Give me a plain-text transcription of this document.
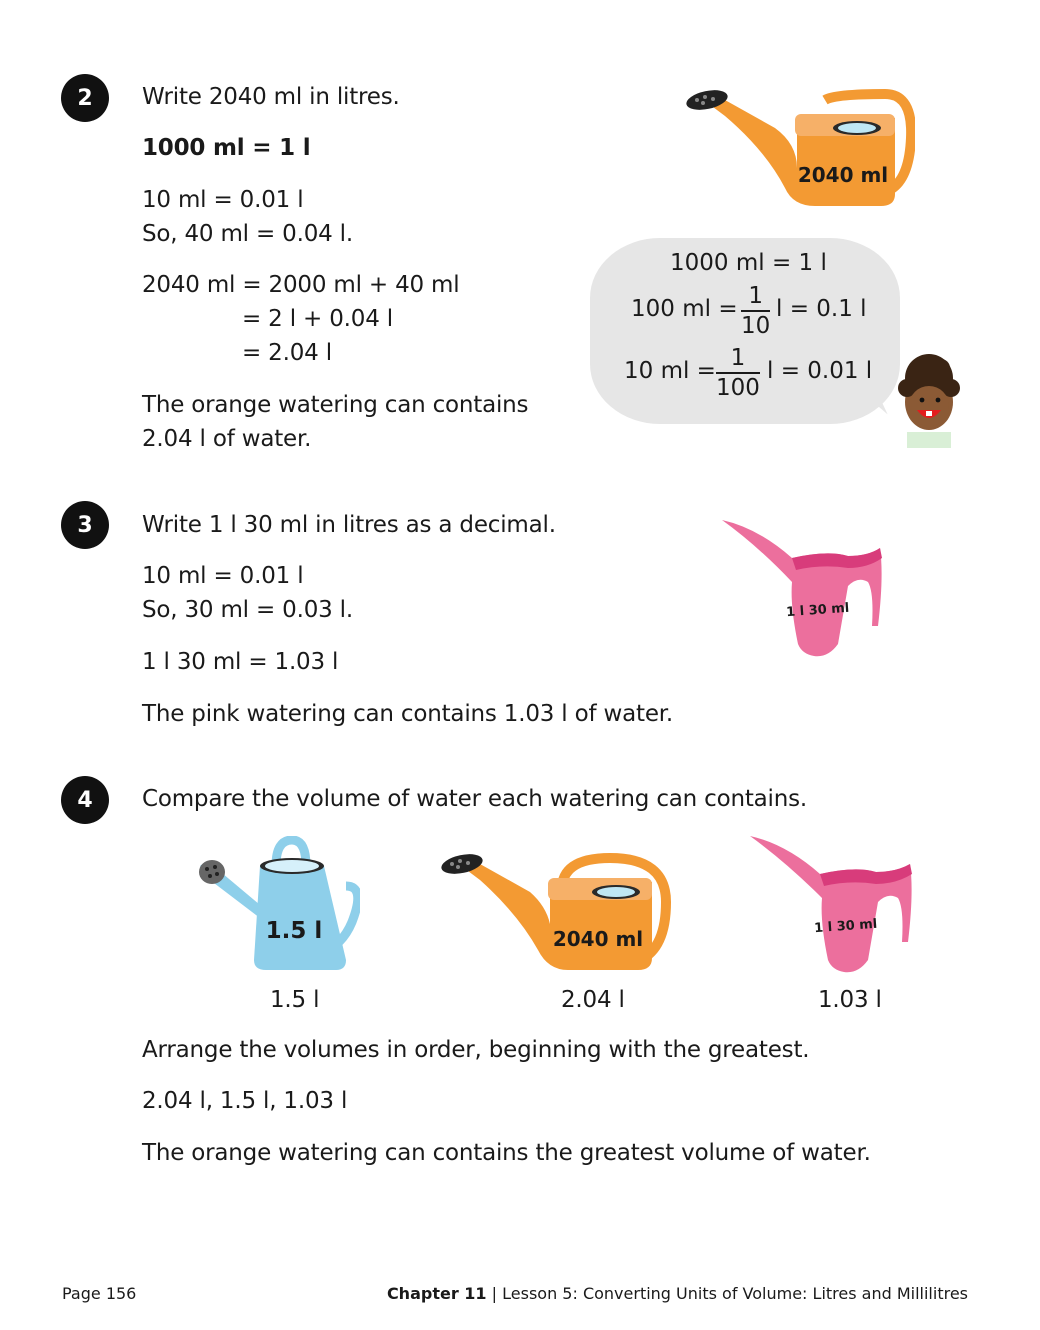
2 Write 2040 ml in litres.
1000 ml = 1 l
10 ml = 0.01 l
So, 40 ml = 0.04 l.
2040 ml = 2000 ml + 40 ml
= 2 l + 0.04 l
= 2.04 l
The orange watering can contains
2.04 l of water.
2040 ml
1000 ml = 1 l
100 ml = 1
10
l = 0.1 l
10 ml = 1
100
l = 0.01 l
3 Write 1 l 30 ml in litres as a decimal.
10 ml = 0.01 l
So, 30 ml = 0.03 l.
1 l 30 ml = 1.03 l
The pink watering can contains 1.03 l of water.
1 l 30 ml
4 Compare the volume of water each watering can contains.
1.5 l	2040 ml
1 l 30 ml
1.5 l	2.04 l	1.03 l
Arrange the volumes in order, beginning with the greatest.
2.04 l, 1.5 l, 1.03 l
The orange watering can contains the greatest volume of water.
Page 156	Chapter 11 | Lesson 5: Converting Units of Volume: Litres and Millilitres
